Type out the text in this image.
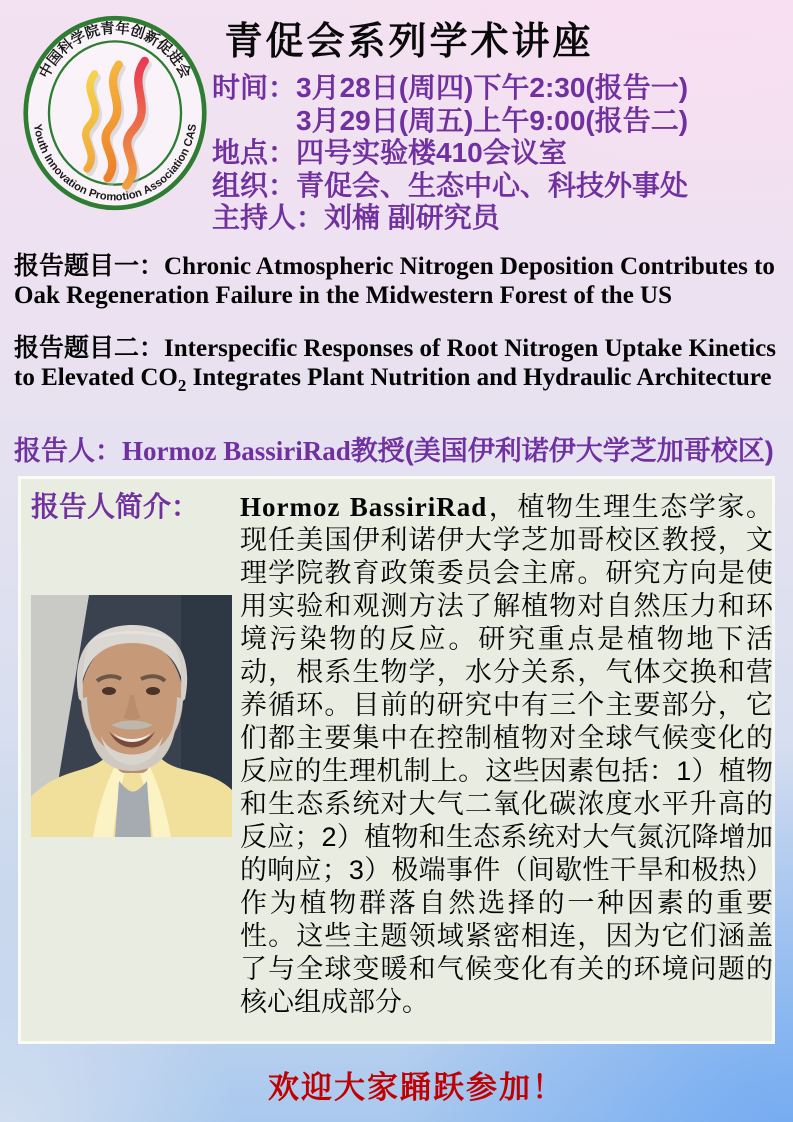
中国科学院青年创新促进会
Youth Innovation Promotion Association CAS
青促会系列学术讲座
时间：3月28日(周四)下午2:30(报告一)
3月29日(周五)上午9:00(报告二)
地点：四号实验楼410会议室
组织：青促会、生态中心、科技外事处
主持人：刘楠 副研究员

报告题目一：Chronic Atmospheric Nitrogen Deposition Contributes to Oak Regeneration Failure in the Midwestern Forest of the US

报告题目二：Interspecific Responses of Root Nitrogen Uptake Kinetics to Elevated $CO_2$ Integrates Plant Nutrition and Hydraulic Architecture

报告人：Hormoz BassiriRad教授(美国伊利诺伊大学芝加哥校区)
报告人简介： Hormoz BassiriRad，植物生理生态学家。现任美国伊利诺伊大学芝加哥校区教授，文理学院教育政策委员会主席。研究方向是使用实验和观测方法了解植物对自然压力和环境污染物的反应。研究重点是植物地下活动，根系生物学，水分关系，气体交换和营养循环。目前的研究中有三个主要部分，它们都主要集中在控制植物对全球气候变化的反应的生理机制上。这些因素包括：1）植物和生态系统对大气二氧化碳浓度水平升高的反应；2）植物和生态系统对大气氮沉降增加的响应；3）极端事件（间歇性干旱和极热）作为植物群落自然选择的一种因素的重要性。这些主题领域紧密相连，因为它们涵盖了与全球变暖和气候变化有关的环境问题的核心组成部分。

欢迎大家踊跃参加！
